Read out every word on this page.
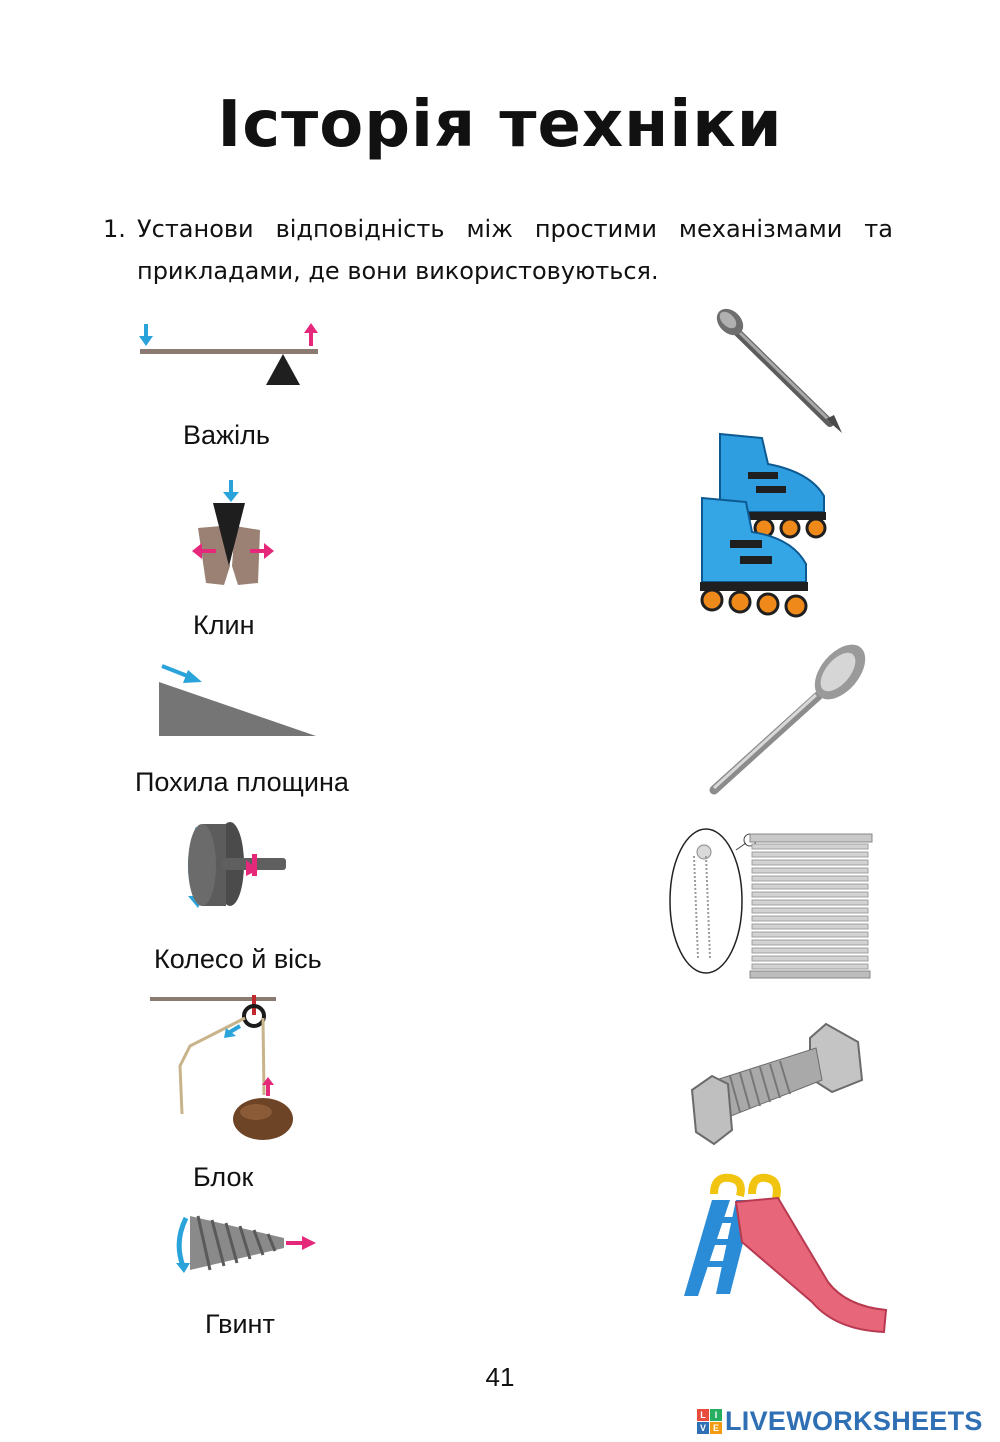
Історія техніки
1. Установи відповідність між простими механізмами та прикладами, де вони використовуються.
Важіль
Клин
Похила площина
Колесо й вісь
Блок
Гвинт
41
L I
V E LIVEWORKSHEETS
